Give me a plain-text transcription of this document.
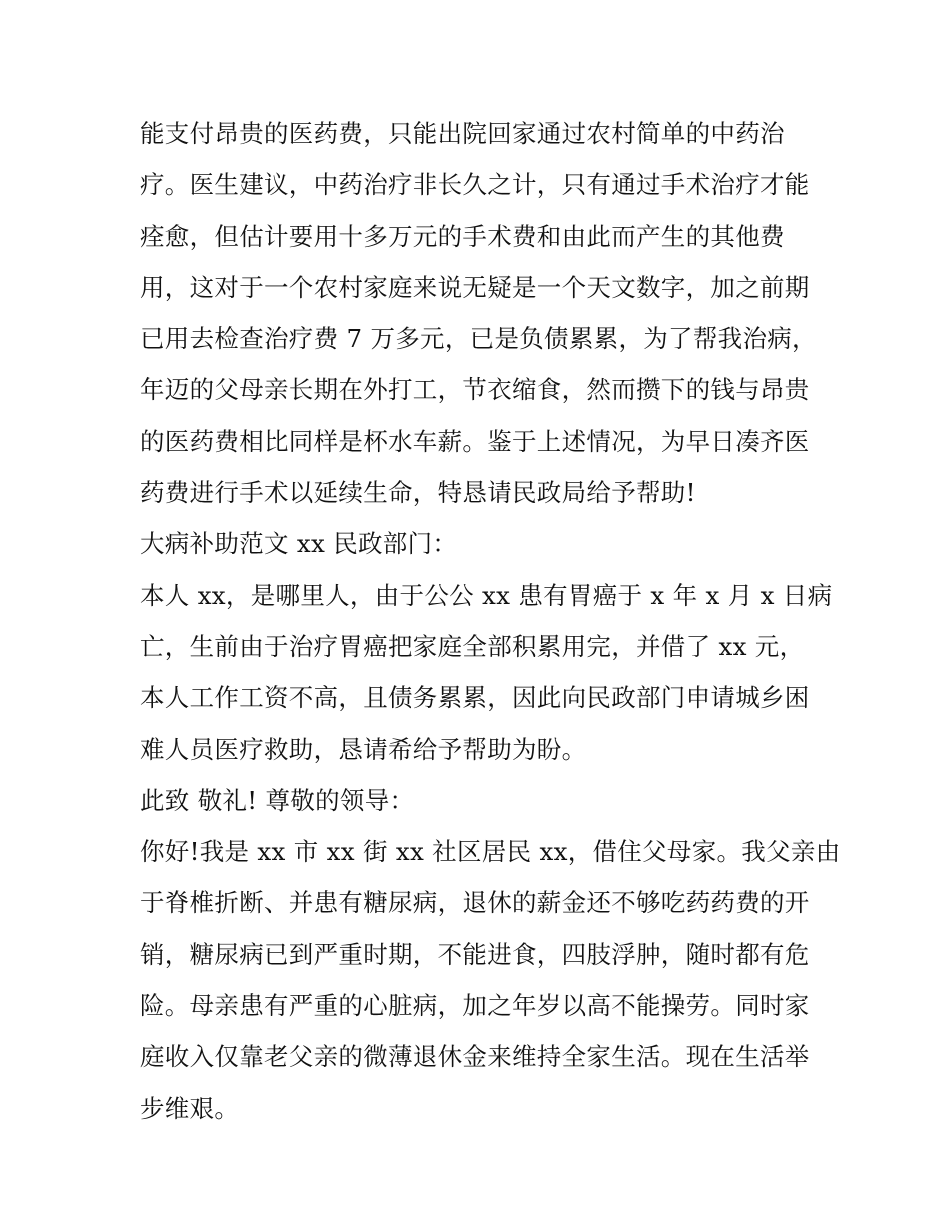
能支付昂贵的医药费，只能出院回家通过农村简单的中药治
疗。医生建议，中药治疗非长久之计，只有通过手术治疗才能
痊愈，但估计要用十多万元的手术费和由此而产生的其他费
用，这对于一个农村家庭来说无疑是一个天文数字，加之前期
已用去检查治疗费 7 万多元，已是负债累累，为了帮我治病，
年迈的父母亲长期在外打工，节衣缩食，然而攒下的钱与昂贵
的医药费相比同样是杯水车薪。鉴于上述情况，为早日凑齐医
药费进行手术以延续生命，特恳请民政局给予帮助!
大病补助范文 xx 民政部门：
本人 xx，是哪里人，由于公公 xx 患有胃癌于 x 年 x 月 x 日病
亡，生前由于治疗胃癌把家庭全部积累用完，并借了 xx 元，
本人工作工资不高，且债务累累，因此向民政部门申请城乡困
难人员医疗救助，恳请希给予帮助为盼。
此致 敬礼! 尊敬的领导：
你好!我是 xx 市 xx 街 xx 社区居民 xx，借住父母家。我父亲由
于脊椎折断、并患有糖尿病，退休的薪金还不够吃药药费的开
销，糖尿病已到严重时期，不能进食，四肢浮肿，随时都有危
险。母亲患有严重的心脏病，加之年岁以高不能操劳。同时家
庭收入仅靠老父亲的微薄退休金来维持全家生活。现在生活举
步维艰。
